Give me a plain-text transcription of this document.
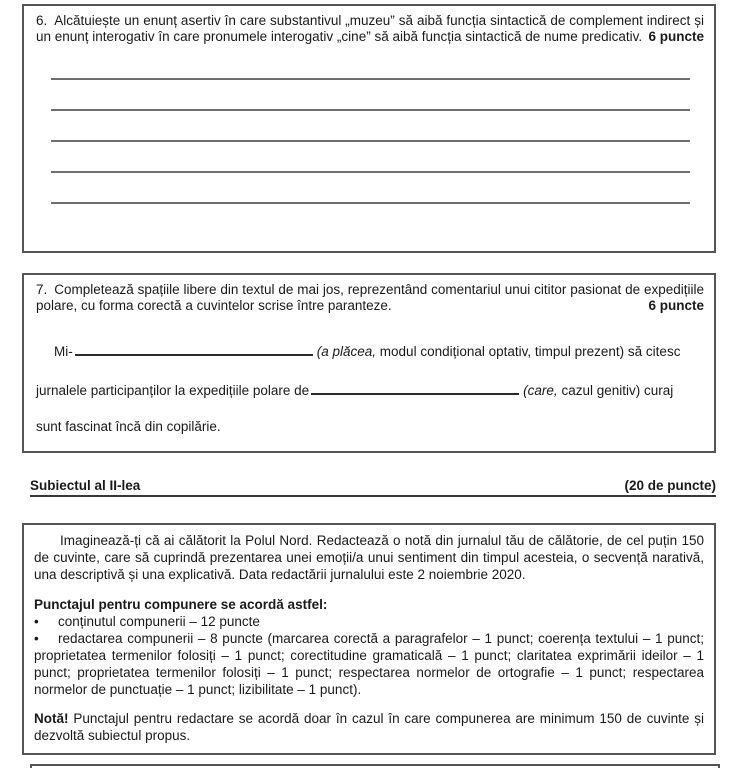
6. Alcătuiește un enunț asertiv în care substantivul „muzeu” să aibă funcția sintactică de complement indirect și un enunț interogativ în care pronumele interogativ „cine” să aibă funcția sintactică de nume predicativ. 6 puncte

7. Completează spațiile libere din textul de mai jos, reprezentând comentariul unui cititor pasionat de expedițiile polare, cu forma corectă a cuvintelor scrise între paranteze.	6 puncte

Mi-	(a plăcea, modul condițional optativ, timpul prezent) să citesc
jurnalele participanților la expedițiile polare de	(care, cazul genitiv) curaj
sunt fascinat încă din copilărie.
Subiectul al II-lea	(20 de puncte)

Imaginează-ți că ai călătorit la Polul Nord. Redactează o notă din jurnalul tău de călătorie, de cel puțin 150 de cuvinte, care să cuprindă prezentarea unei emoții/a unui sentiment din timpul acesteia, o secvență narativă, una descriptivă și una explicativă. Data redactării jurnalului este 2 noiembrie 2020.

Punctajul pentru compunere se acordă astfel:

• conținutul compunerii – 12 puncte
• redactarea compunerii – 8 puncte (marcarea corectă a paragrafelor – 1 punct; coerența textului – 1 punct; proprietatea termenilor folosiți – 1 punct; corectitudine gramaticală – 1 punct; claritatea exprimării ideilor – 1 punct; proprietatea termenilor folosiți – 1 punct; respectarea normelor de ortografie – 1 punct; respectarea normelor de punctuație – 1 punct; lizibilitate – 1 punct).

Notă! Punctajul pentru redactare se acordă doar în cazul în care compunerea are minimum 150 de cuvinte și dezvoltă subiectul propus.
